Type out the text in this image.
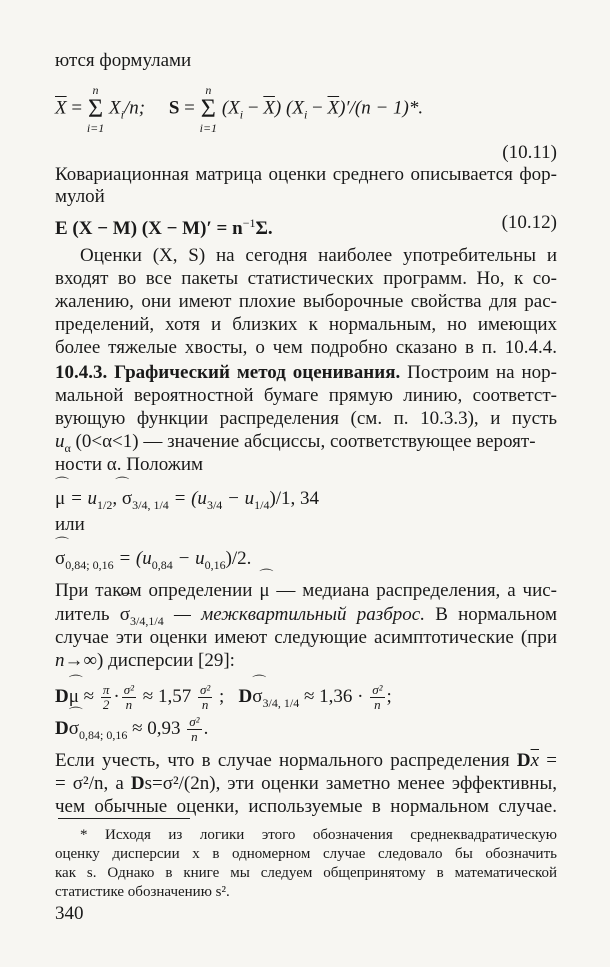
ются формулами
$\overline{X}$ =
n
Σ
i=1
$X_i/n$; S =
n
Σ
i=1
$(X_i - \overline{X}) (X_i - \overline{X})'/(n - 1)*$.
(10.11)
Ковариационная матрица оценки среднего описывается фор-
мулой
E (X − M) $(X - M)' = n^{-1}\Sigma$.	(10.12)
Оценки (X, S) на сегодня наиболее употребительны и
входят во все пакеты статистических программ. Но, к со-
жалению, они имеют плохие выборочные свойства для рас-
пределений, хотя и близких к нормальным, но имеющих
более тяжелые хвосты, о чем подробно сказано в п. 10.4.4.
10.4.3. Графический метод оценивания. Построим на нор-
мальной вероятностной бумаге прямую линию, соответст-
вующую функции распределения (см. п. 10.3.3), и пусть
$u_\alpha$ (0<α<1) — значение абсциссы, соответствующее вероят-
ности α. Положим
⌒ $\mu = u_{1/2}⌒$ , $\sigma_{3/4, 1/4} = (u_{3/4} - u_{1/4})/1$, 34
или
⌒ $\sigma_{0,84; 0,16} = (u_{0,84} - u_{0,16})/2$.
При таком определении ⌒ μ — медиана распределения, а чис-
литель ⌒ $\sigma_{3/4,1/4}$ — межквартильный разброс. В нормальном
случае эти оценки имеют следующие асимптотические (при
n→∞) дисперсии [29]:
D⌒ $\mu \approx \frac{\pi}{2} \cdot \frac{\text{σ²}}{n} \approx 1,57 \frac{\text{σ²}}{n}$ ; D⌒ $\sigma_{3/4, 1/4} \approx 1,36 \cdot \frac{\text{σ²}}{n}$ ;
D⌒ $\sigma_{0,84; 0,16} \approx 0,93 \frac{\text{σ²}}{n}$ .
Если учесть, что в случае нормального распределения $D\overline{x}$ =
= σ²/n, а Ds=σ²/(2n), эти оценки заметно менее эффективны,
чем обычные оценки, используемые в нормальном случае.
* Исходя из логики этого обозначения среднеквадратическую
оценку дисперсии x в одномерном случае следовало бы обозначить
как s. Однако в книге мы следуем общепринятому в математической
статистике обозначению s².
340
